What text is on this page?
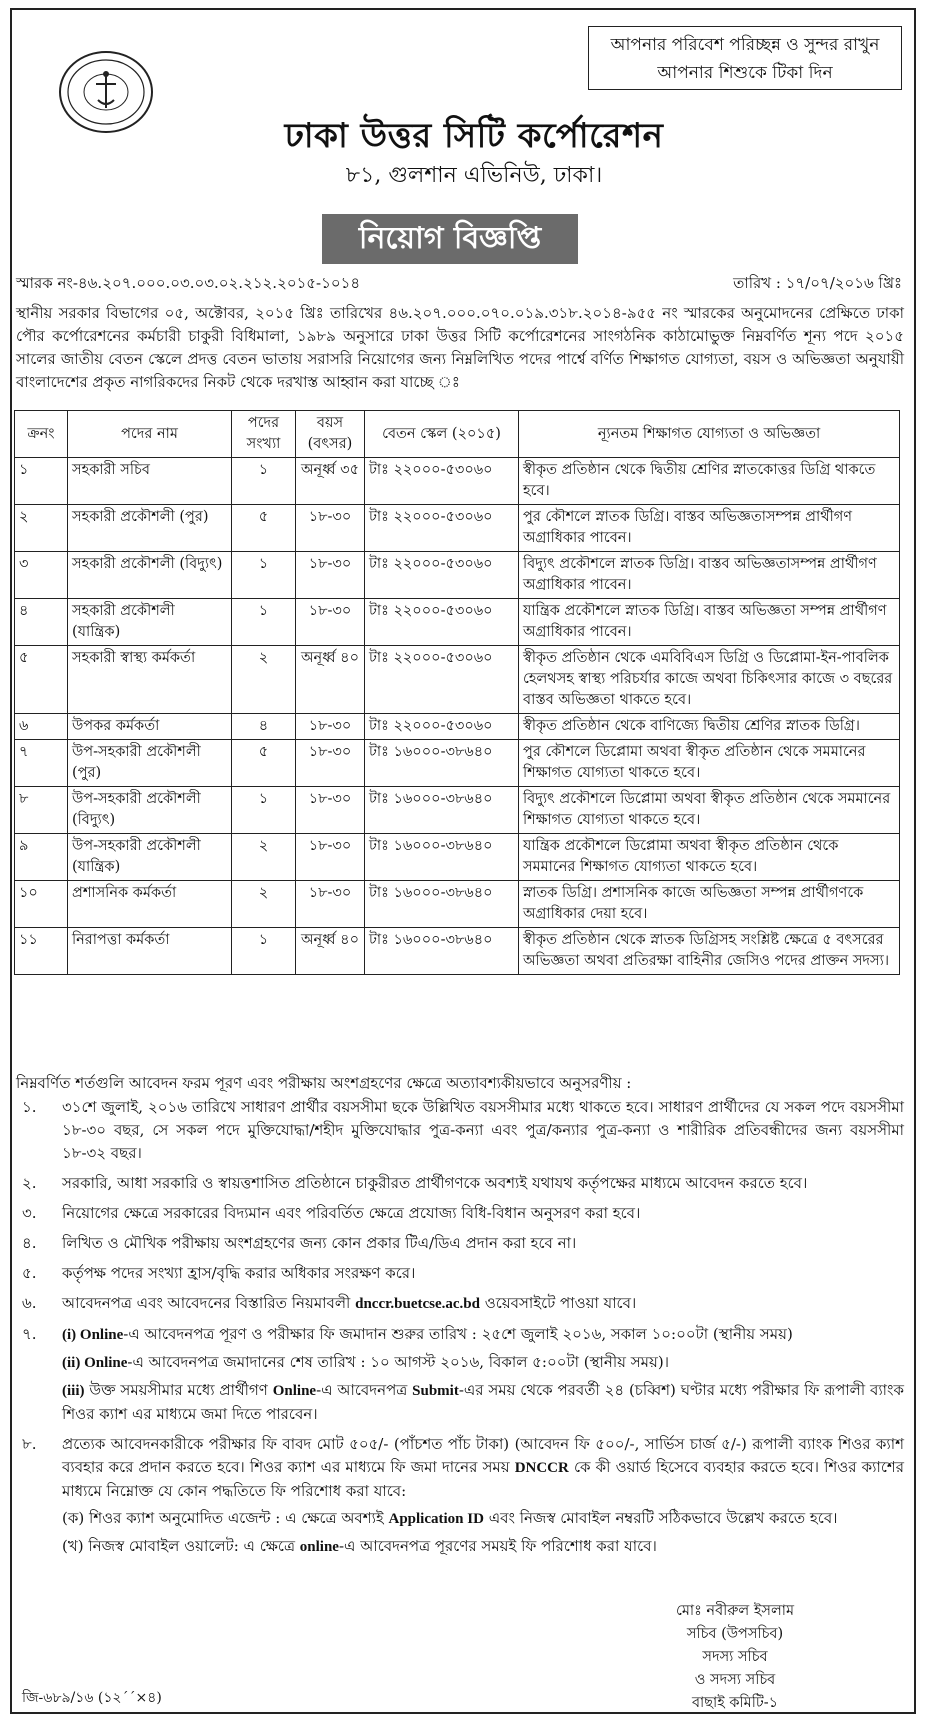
আপনার পরিবেশ পরিচ্ছন্ন ও সুন্দর রাখুন
আপনার শিশুকে টিকা দিন
ঢাকা উত্তর সিটি কর্পোরেশন
৮১, গুলশান এভিনিউ, ঢাকা।
নিয়োগ বিজ্ঞপ্তি
স্মারক নং-৪৬.২০৭.০০০.০৩.০৩.০২.২১২.২০১৫-১০১৪	তারিখ : ১৭/০৭/২০১৬ খ্রিঃ
স্থানীয় সরকার বিভাগের ০৫, অক্টোবর, ২০১৫ খ্রিঃ তারিখের ৪৬.২০৭.০০০.০৭০.০১৯.৩১৮.২০১৪-৯৫৫ নং স্মারকের অনুমোদনের প্রেক্ষিতে ঢাকা পৌর কর্পোরেশনের কর্মচারী চাকুরী বিধিমালা, ১৯৮৯ অনুসারে ঢাকা উত্তর সিটি কর্পোরেশনের সাংগঠনিক কাঠামোভুক্ত নিম্নবর্ণিত শূন্য পদে ২০১৫ সালের জাতীয় বেতন স্কেলে প্রদত্ত বেতন ভাতায় সরাসরি নিয়োগের জন্য নিম্নলিখিত পদের পার্শ্বে বর্ণিত শিক্ষাগত যোগ্যতা, বয়স ও অভিজ্ঞতা অনুযায়ী বাংলাদেশের প্রকৃত নাগরিকদের নিকট থেকে দরখাস্ত আহ্বান করা যাচ্ছে ঃ
ক্রনং	পদের নাম	পদের সংখ্যা	বয়স (বৎসর)	বেতন স্কেল (২০১৫)	ন্যূনতম শিক্ষাগত যোগ্যতা ও অভিজ্ঞতা
১	সহকারী সচিব	১	অনূর্ধ্ব ৩৫	টাঃ ২২০০০-৫৩০৬০	স্বীকৃত প্রতিষ্ঠান থেকে দ্বিতীয় শ্রেণির স্নাতকোত্তর ডিগ্রি থাকতে হবে।
২	সহকারী প্রকৌশলী (পুর)	৫	১৮-৩০	টাঃ ২২০০০-৫৩০৬০	পুর কৌশলে স্নাতক ডিগ্রি। বাস্তব অভিজ্ঞতাসম্পন্ন প্রার্থীগণ অগ্রাধিকার পাবেন।
৩	সহকারী প্রকৌশলী (বিদ্যুৎ)	১	১৮-৩০	টাঃ ২২০০০-৫৩০৬০	বিদ্যুৎ প্রকৌশলে স্নাতক ডিগ্রি। বাস্তব অভিজ্ঞতাসম্পন্ন প্রার্থীগণ অগ্রাধিকার পাবেন।
৪	সহকারী প্রকৌশলী (যান্ত্রিক)	১	১৮-৩০	টাঃ ২২০০০-৫৩০৬০	যান্ত্রিক প্রকৌশলে স্নাতক ডিগ্রি। বাস্তব অভিজ্ঞতা সম্পন্ন প্রার্থীগণ অগ্রাধিকার পাবেন।
৫	সহকারী স্বাস্থ্য কর্মকর্তা	২	অনূর্ধ্ব ৪০	টাঃ ২২০০০-৫৩০৬০	স্বীকৃত প্রতিষ্ঠান থেকে এমবিবিএস ডিগ্রি ও ডিপ্লোমা-ইন-পাবলিক হেলথসহ স্বাস্থ্য পরিচর্যার কাজে অথবা চিকিৎসার কাজে ৩ বছরের বাস্তব অভিজ্ঞতা থাকতে হবে।
৬	উপকর কর্মকর্তা	৪	১৮-৩০	টাঃ ২২০০০-৫৩০৬০	স্বীকৃত প্রতিষ্ঠান থেকে বাণিজ্যে দ্বিতীয় শ্রেণির স্নাতক ডিগ্রি।
৭	উপ-সহকারী প্রকৌশলী (পুর)	৫	১৮-৩০	টাঃ ১৬০০০-৩৮৬৪০	পুর কৌশলে ডিপ্লোমা অথবা স্বীকৃত প্রতিষ্ঠান থেকে সমমানের শিক্ষাগত যোগ্যতা থাকতে হবে।
৮	উপ-সহকারী প্রকৌশলী (বিদ্যুৎ)	১	১৮-৩০	টাঃ ১৬০০০-৩৮৬৪০	বিদ্যুৎ প্রকৌশলে ডিপ্লোমা অথবা স্বীকৃত প্রতিষ্ঠান থেকে সমমানের শিক্ষাগত যোগ্যতা থাকতে হবে।
৯	উপ-সহকারী প্রকৌশলী (যান্ত্রিক)	২	১৮-৩০	টাঃ ১৬০০০-৩৮৬৪০	যান্ত্রিক প্রকৌশলে ডিপ্লোমা অথবা স্বীকৃত প্রতিষ্ঠান থেকে সমমানের শিক্ষাগত যোগ্যতা থাকতে হবে।
১০	প্রশাসনিক কর্মকর্তা	২	১৮-৩০	টাঃ ১৬০০০-৩৮৬৪০	স্নাতক ডিগ্রি। প্রশাসনিক কাজে অভিজ্ঞতা সম্পন্ন প্রার্থীগণকে অগ্রাধিকার দেয়া হবে।
১১	নিরাপত্তা কর্মকর্তা	১	অনূর্ধ্ব ৪০	টাঃ ১৬০০০-৩৮৬৪০	স্বীকৃত প্রতিষ্ঠান থেকে স্নাতক ডিগ্রিসহ সংশ্লিষ্ট ক্ষেত্রে ৫ বৎসরের অভিজ্ঞতা অথবা প্রতিরক্ষা বাহিনীর জেসিও পদের প্রাক্তন সদস্য।
নিম্নবর্ণিত শর্তগুলি আবেদন ফরম পূরণ এবং পরীক্ষায় অংশগ্রহণের ক্ষেত্রে অত্যাবশ্যকীয়ভাবে অনুসরণীয় :
১.	৩১শে জুলাই, ২০১৬ তারিখে সাধারণ প্রার্থীর বয়সসীমা ছকে উল্লিখিত বয়সসীমার মধ্যে থাকতে হবে। সাধারণ প্রার্থীদের যে সকল পদে বয়সসীমা ১৮-৩০ বছর, সে সকল পদে মুক্তিযোদ্ধা/শহীদ মুক্তিযোদ্ধার পুত্র-কন্যা এবং পুত্র/কন্যার পুত্র-কন্যা ও শারীরিক প্রতিবন্ধীদের জন্য বয়সসীমা ১৮-৩২ বছর।
২.	সরকারি, আধা সরকারি ও স্বায়ত্তশাসিত প্রতিষ্ঠানে চাকুরীরত প্রার্থীগণকে অবশ্যই যথাযথ কর্তৃপক্ষের মাধ্যমে আবেদন করতে হবে।
৩.	নিয়োগের ক্ষেত্রে সরকারের বিদ্যমান এবং পরিবর্তিত ক্ষেত্রে প্রযোজ্য বিধি-বিধান অনুসরণ করা হবে।
৪.	লিখিত ও মৌখিক পরীক্ষায় অংশগ্রহণের জন্য কোন প্রকার টিএ/ডিএ প্রদান করা হবে না।
৫.	কর্তৃপক্ষ পদের সংখ্যা হ্রাস/বৃদ্ধি করার অধিকার সংরক্ষণ করে।
৬.	আবেদনপত্র এবং আবেদনের বিস্তারিত নিয়মাবলী dnccr.buetcse.ac.bd ওয়েবসাইটে পাওয়া যাবে।
৭.	(i) Online-এ আবেদনপত্র পূরণ ও পরীক্ষার ফি জমাদান শুরুর তারিখ : ২৫শে জুলাই ২০১৬, সকাল ১০:০০টা (স্থানীয় সময়)
(ii) Online-এ আবেদনপত্র জমাদানের শেষ তারিখ : ১০ আগস্ট ২০১৬, বিকাল ৫:০০টা (স্থানীয় সময়)।
(iii) উক্ত সময়সীমার মধ্যে প্রার্থীগণ Online-এ আবেদনপত্র Submit-এর সময় থেকে পরবর্তী ২৪ (চব্বিশ) ঘণ্টার মধ্যে পরীক্ষার ফি রূপালী ব্যাংক শিওর ক্যাশ এর মাধ্যমে জমা দিতে পারবেন।
৮.	প্রত্যেক আবেদনকারীকে পরীক্ষার ফি বাবদ মোট ৫০৫/- (পাঁচশত পাঁচ টাকা) (আবেদন ফি ৫০০/-, সার্ভিস চার্জ ৫/-) রূপালী ব্যাংক শিওর ক্যাশ ব্যবহার করে প্রদান করতে হবে। শিওর ক্যাশ এর মাধ্যমে ফি জমা দানের সময় DNCCR কে কী ওয়ার্ড হিসেবে ব্যবহার করতে হবে। শিওর ক্যাশের মাধ্যমে নিম্নোক্ত যে কোন পদ্ধতিতে ফি পরিশোধ করা যাবে:
(ক) শিওর ক্যাশ অনুমোদিত এজেন্ট : এ ক্ষেত্রে অবশ্যই Application ID এবং নিজস্ব মোবাইল নম্বরটি সঠিকভাবে উল্লেখ করতে হবে।
(খ) নিজস্ব মোবাইল ওয়ালেট: এ ক্ষেত্রে online-এ আবেদনপত্র পূরণের সময়ই ফি পরিশোধ করা যাবে।
মোঃ নবীরুল ইসলাম
সচিব (উপসচিব)
সদস্য সচিব
ও সদস্য সচিব
বাছাই কমিটি-১
জি-৬৮৯/১৬ (১২´´×৪)
